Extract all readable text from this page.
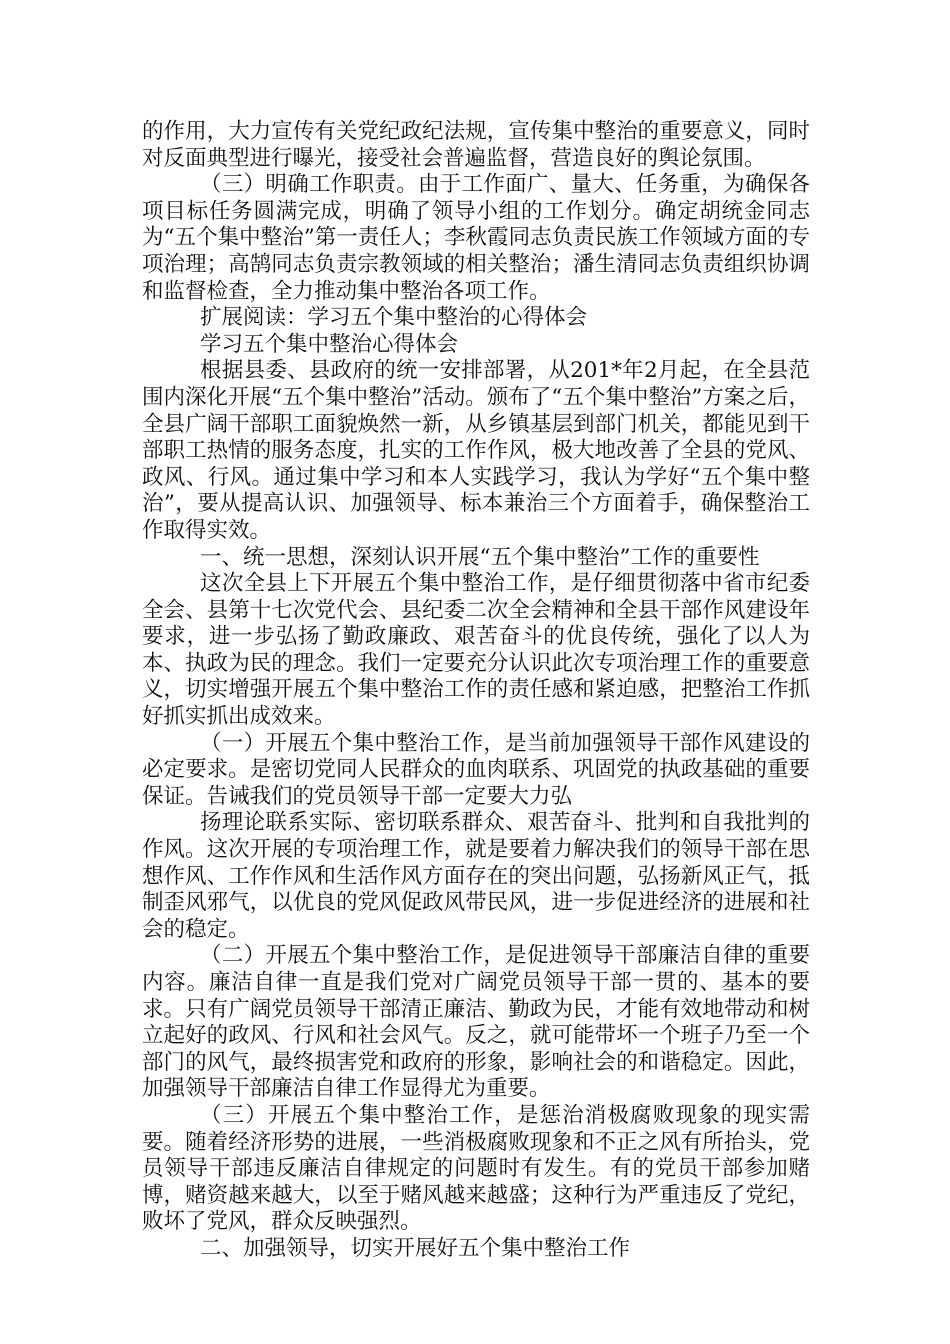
的作用，大力宣传有关党纪政纪法规，宣传集中整治的重要意义，同时对反面典型进行曝光，接受社会普遍监督，营造良好的舆论氛围。

（三）明确工作职责。由于工作面广、量大、任务重，为确保各项目标任务圆满完成，明确了领导小组的工作划分。确定胡统金同志为“五个集中整治”第一责任人；李秋霞同志负责民族工作领域方面的专项治理；高鹄同志负责宗教领域的相关整治；潘生清同志负责组织协调和监督检查，全力推动集中整治各项工作。

扩展阅读：学习五个集中整治的心得体会

学习五个集中整治心得体会

根据县委、县政府的统一安排部署，从201*年2月起，在全县范围内深化开展“五个集中整治”活动。颁布了“五个集中整治”方案之后，全县广阔干部职工面貌焕然一新，从乡镇基层到部门机关，都能见到干部职工热情的服务态度，扎实的工作作风，极大地改善了全县的党风、政风、行风。通过集中学习和本人实践学习，我认为学好“五个集中整治”，要从提高认识、加强领导、标本兼治三个方面着手，确保整治工作取得实效。

一、统一思想，深刻认识开展“五个集中整治”工作的重要性

这次全县上下开展五个集中整治工作，是仔细贯彻落中省市纪委全会、县第十七次党代会、县纪委二次全会精神和全县干部作风建设年要求，进一步弘扬了勤政廉政、艰苦奋斗的优良传统，强化了以人为本、执政为民的理念。我们一定要充分认识此次专项治理工作的重要意义，切实增强开展五个集中整治工作的责任感和紧迫感，把整治工作抓好抓实抓出成效来。

（一）开展五个集中整治工作，是当前加强领导干部作风建设的必定要求。是密切党同人民群众的血肉联系、巩固党的执政基础的重要保证。告诫我们的党员领导干部一定要大力弘

扬理论联系实际、密切联系群众、艰苦奋斗、批判和自我批判的作风。这次开展的专项治理工作，就是要着力解决我们的领导干部在思想作风、工作作风和生活作风方面存在的突出问题，弘扬新风正气，抵制歪风邪气，以优良的党风促政风带民风，进一步促进经济的进展和社会的稳定。

（二）开展五个集中整治工作，是促进领导干部廉洁自律的重要内容。廉洁自律一直是我们党对广阔党员领导干部一贯的、基本的要求。只有广阔党员领导干部清正廉洁、勤政为民，才能有效地带动和树立起好的政风、行风和社会风气。反之，就可能带坏一个班子乃至一个部门的风气，最终损害党和政府的形象，影响社会的和谐稳定。因此，加强领导干部廉洁自律工作显得尤为重要。

（三）开展五个集中整治工作，是惩治消极腐败现象的现实需要。随着经济形势的进展，一些消极腐败现象和不正之风有所抬头，党员领导干部违反廉洁自律规定的问题时有发生。有的党员干部参加赌博，赌资越来越大，以至于赌风越来越盛；这种行为严重违反了党纪，败坏了党风，群众反映强烈。

二、加强领导，切实开展好五个集中整治工作
